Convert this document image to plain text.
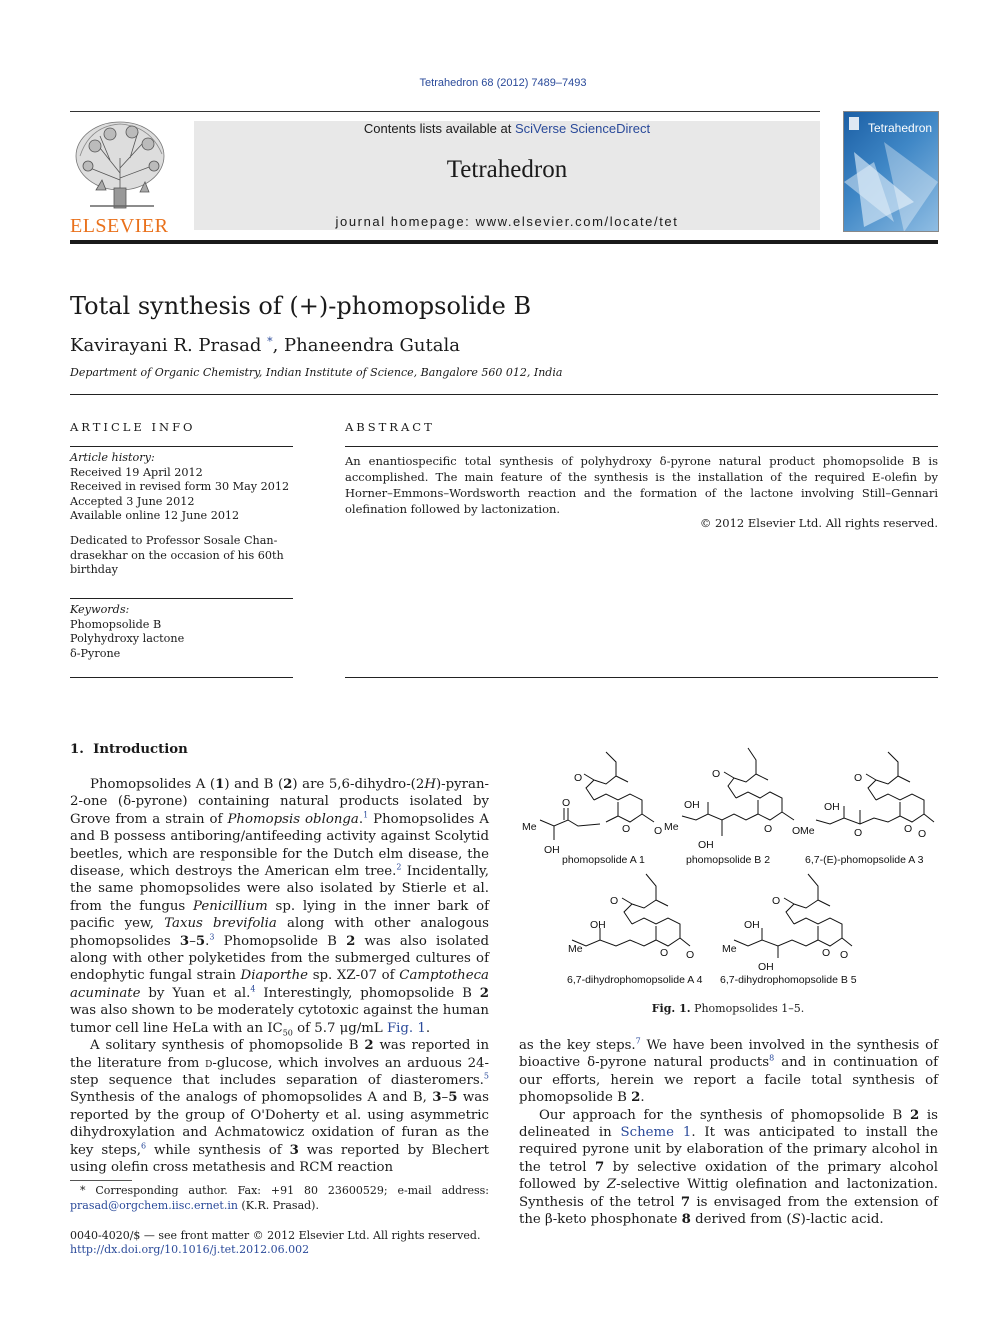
Tetrahedron 68 (2012) 7489–7493
ELSEVIER
Contents lists available at SciVerse ScienceDirect
Tetrahedron
journal homepage: www.elsevier.com/locate/tet
Tetrahedron
Total synthesis of (+)-phomopsolide B
Kavirayani R. Prasad *, Phaneendra Gutala
Department of Organic Chemistry, Indian Institute of Science, Bangalore 560 012, India
ARTICLE INFO
Article history:
Received 19 April 2012
Received in revised form 30 May 2012
Accepted 3 June 2012
Available online 12 June 2012
Dedicated to Professor Sosale Chan-
drasekhar on the occasion of his 60th
birthday
Keywords:
Phomopsolide B
Polyhydroxy lactone
δ-Pyrone
ABSTRACT
An enantiospecific total synthesis of polyhydroxy δ-pyrone natural product phomopsolide B is accomplished. The main feature of the synthesis is the installation of the required E-olefin by Horner–Emmons–Wordsworth reaction and the formation of the lactone involving Still–Gennari olefination followed by lactonization.
© 2012 Elsevier Ltd. All rights reserved.
1.  Introduction

Phomopsolides A (1) and B (2) are 5,6-dihydro-(2H)-pyran-2-one (δ-pyrone) containing natural products isolated by Grove from a strain of Phomopsis oblonga.$^1$ Phomopsolides A and B possess antiboring/antifeeding activity against Scolytid beetles, which are responsible for the Dutch elm disease, the disease, which destroys the American elm tree.$^2$ Incidentally, the same phomopsolides were also isolated by Stierle et al. from the fungus Penicillium sp. lying in the inner bark of pacific yew, Taxus brevifolia along with other analogous phomopsolides 3–5.$^3$ Phomopsolide B 2 was also isolated along with other polyketides from the submerged cultures of endophytic fungal strain Diaporthe sp. XZ-07 of Camptotheca acuminate by Yuan et al.$^4$ Interestingly, phomopsolide B 2 was also shown to be moderately cytotoxic against the human tumor cell line HeLa with an $IC_{50}$ of 5.7 μg/mL Fig. 1.

A solitary synthesis of phomopsolide B 2 was reported in the literature from d-glucose, which involves an arduous 24-step sequence that includes separation of diasteromers.$^5$ Synthesis of the analogs of phomopsolides A and B, 3–5 was reported by the group of O'Doherty et al. using asymmetric dihydroxylation and Achmatowicz oxidation of furan as the key steps,$^6$ while synthesis of 3 was reported by Blechert using olefin cross metathesis and RCM reaction

O
O O
O
Me
OH
O
O O
OH
Me
OH
O
O O
OH
Me	O
O
O O
OH
Me
O
O O
OH
Me
OH
phomopsolide A 1	phomopsolide B 2	6,7-(E)-phomopsolide A 3
6,7-dihydrophomopsolide A 4 6,7-dihydrophomopsolide B 5
Fig. 1. Phomopsolides 1–5.

as the key steps.$^7$ We have been involved in the synthesis of bioactive δ-pyrone natural products$^8$ and in continuation of our efforts, herein we report a facile total synthesis of phomopsolide B 2.

Our approach for the synthesis of phomopsolide B 2 is delineated in Scheme 1. It was anticipated to install the required pyrone unit by elaboration of the primary alcohol in the tetrol 7 by selective oxidation of the primary alcohol followed by Z-selective Wittig olefination and lactonization. Synthesis of the tetrol 7 is envisaged from the extension of the β-keto phosphonate 8 derived from (S)-lactic acid.

* Corresponding author. Fax: +91 80 23600529; e-mail address: prasad@orgchem.iisc.ernet.in (K.R. Prasad).
0040-4020/$ — see front matter © 2012 Elsevier Ltd. All rights reserved.
http://dx.doi.org/10.1016/j.tet.2012.06.002
